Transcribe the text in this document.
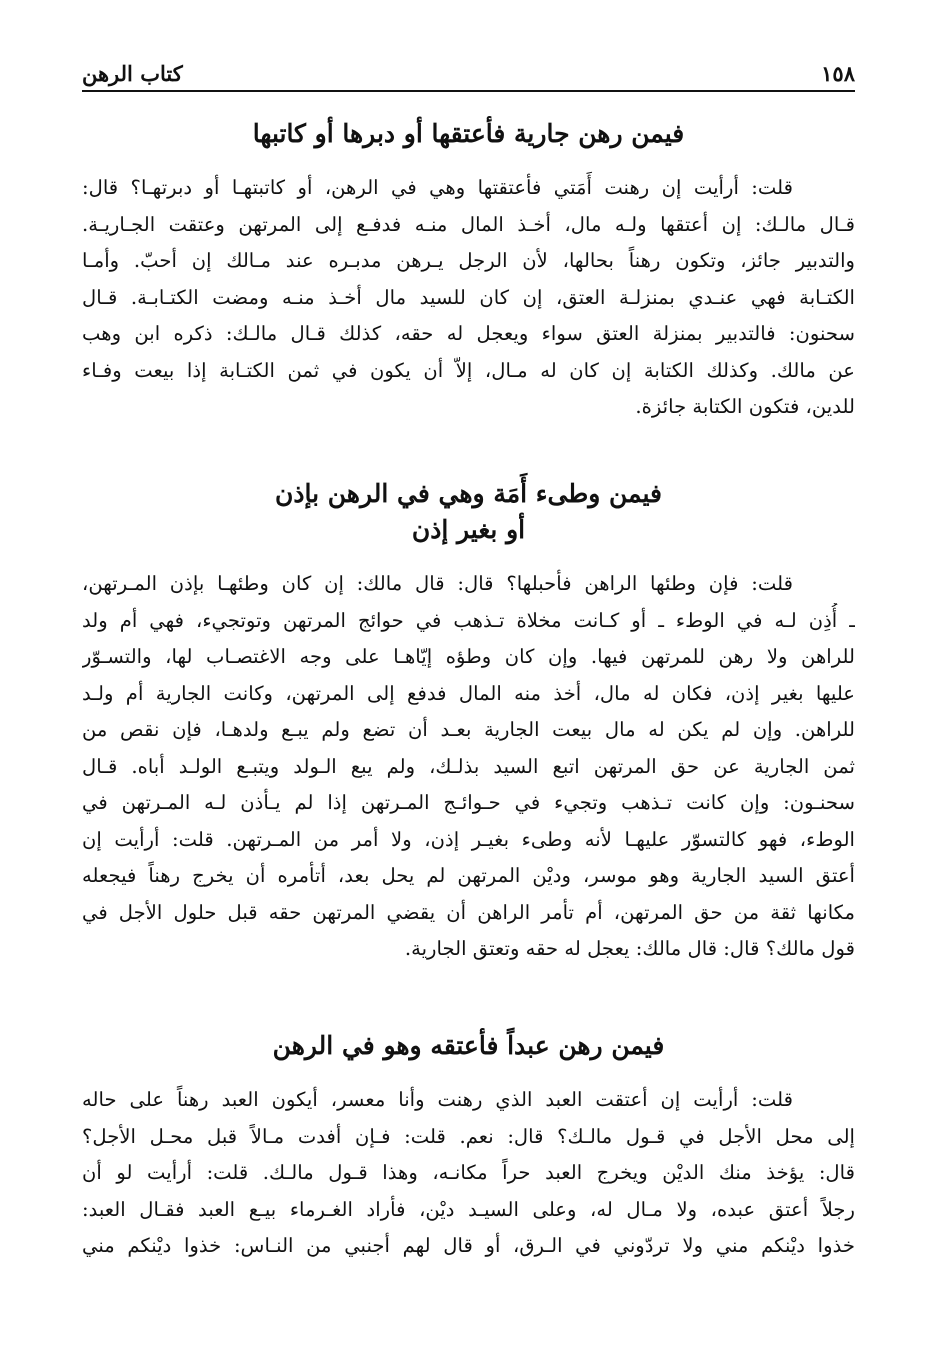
كتاب الرهن	١٥٨
فيمن رهن جارية فأعتقها أو دبرها أو كاتبها
قلت: أرأيت إن رهنت أَمَتي فأعتقتها وهي في الرهن، أو كاتبتهـا أو دبرتهـا؟ قال:
قـال مالـك: إن أعتقها ولـه مال، أخـذ المال منـه فدفـع إلى المرتهن وعتقت الجـاريـة.
والتدبير جائز، وتكون رهناً بحالها، لأن الرجل يـرهن مدبـره عند مـالك إن أحبّ. وأمـا
الكتـابة فهي عنـدي بمنزلـة العتق، إن كان للسيد مال أخـذ منـه ومضت الكتـابـة. قـال
سحنون: فالتدبير بمنزلة العتق سواء ويعجل له حقه، كذلك قـال مالـك: ذكره ابن وهب
عن مالك. وكذلك الكتابة إن كان له مـال، إلاّ أن يكون في ثمن الكتـابة إذا بيعت وفـاء
للدين، فتكون الكتابة جائزة.
فيمن وطىء أَمَة وهي في الرهن بإذن
أو بغير إذن
قلت: فإن وطئها الراهن فأحبلها؟ قال: قال مالك: إن كان وطئهـا بإذن المـرتهن،
ـ أُذِن لـه في الوطء ـ أو كـانت مخلاة تـذهب في حوائج المرتهن وتوتجيء، فهي أم ولد
للراهن ولا رهن للمرتهن فيها. وإن كان وطؤه إيّاهـا على وجه الاغتصـاب لها، والتسـوّر
عليها بغير إذن، فكان له مال، أخذ منه المال فدفع إلى المرتهن، وكانت الجارية أم ولـد
للراهن. وإن لم يكن له مال بيعت الجارية بعـد أن تضع ولم يبـع ولدهـا، فإن نقص من
ثمن الجارية عن حق المرتهن اتبع السيد بذلـك، ولم يبع الـولد ويتبـع الولـد أباه. قـال
سحنـون: وإن كانت تـذهب وتجيء في حـوائـج المـرتهن إذا لم يـأذن لـه المـرتهن في
الوطء، فهو كالتسوّر عليهـا لأنه وطىء بغيـر إذن، ولا أمر من المـرتهن. قلت: أرأيت إن
أعتق السيد الجارية وهو موسر، وديْن المرتهن لم يحل بعد، أتأمره أن يخرج رهناً فيجعله
مكانها ثقة من حق المرتهن، أم تأمر الراهن أن يقضي المرتهن حقه قبل حلول الأجل في
قول مالك؟ قال: قال مالك: يعجل له حقه وتعتق الجارية.
فيمن رهن عبداً فأعتقه وهو في الرهن
قلت: أرأيت إن أعتقت العبد الذي رهنت وأنا معسر، أيكون العبد رهناً على حاله
إلى محل الأجل في قـول مالـك؟ قال: نعم. قلت: فـإن أفدت مـالاً قبل محـل الأجل؟
قال: يؤخذ منك الديْن ويخرج العبد حراً مكانـه، وهذا قـول مالـك. قلت: أرأيت لو أن
رجلاً أعتق عبده، ولا مـال له، وعلى السيـد ديْن، فأراد الغـرماء بيـع العبد فقـال العبد:
خذوا ديْنكم مني ولا تردّوني في الـرق، أو قال لهم أجنبي من النـاس: خذوا ديْنكم مني
